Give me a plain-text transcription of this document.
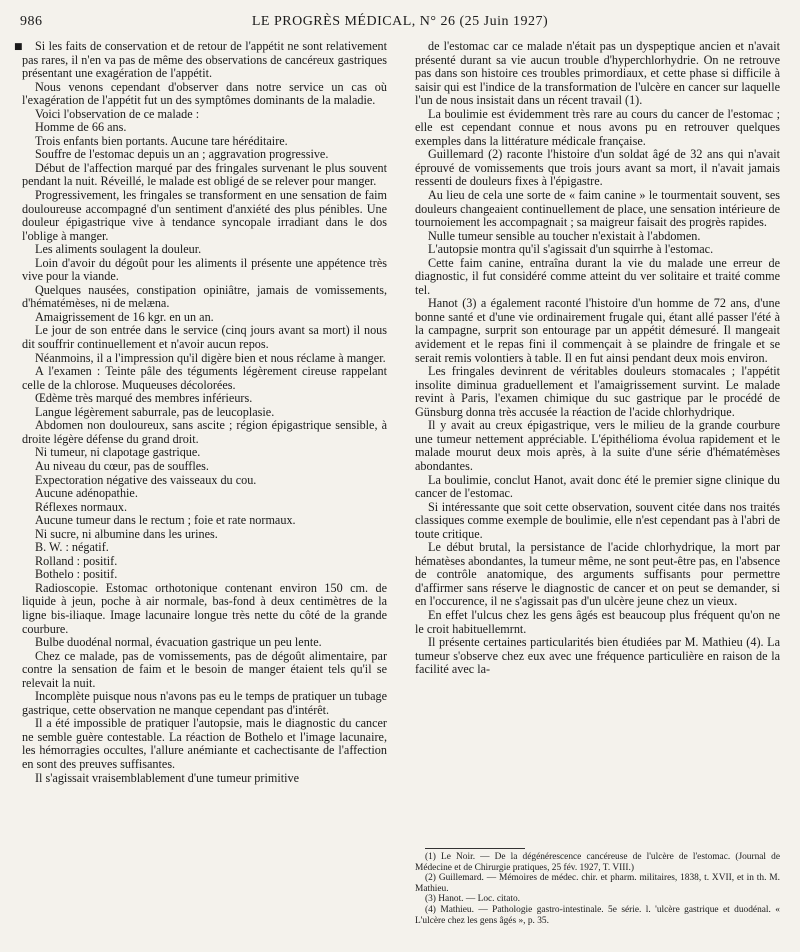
986	LE PROGRÈS MÉDICAL, N° 26 (25 Juin 1927)
■	Si les faits de conservation et de retour de l'appétit ne sont relativement pas rares, il n'en va pas de même des observations de cancéreux gastriques présentant une exagération de l'appétit.

Nous venons cependant d'observer dans notre service un cas où l'exagération de l'appétit fut un des symptômes dominants de la maladie.

Voici l'observation de ce malade :

Homme de 66 ans.

Trois enfants bien portants. Aucune tare héréditaire.

Souffre de l'estomac depuis un an ; aggravation progressive.

Début de l'affection marqué par des fringales survenant le plus souvent pendant la nuit. Réveillé, le malade est obligé de se relever pour manger.

Progressivement, les fringales se transforment en une sensation de faim douloureuse accompagné d'un sentiment d'anxiété des plus pénibles. Une douleur épigastrique vive à tendance syncopale irradiant dans le dos l'oblige à manger.

Les aliments soulagent la douleur.

Loin d'avoir du dégoût pour les aliments il présente une appétence très vive pour la viande.

Quelques nausées, constipation opiniâtre, jamais de vomissements, d'hématémèses, ni de melæna.

Amaigrissement de 16 kgr. en un an.

Le jour de son entrée dans le service (cinq jours avant sa mort) il nous dit souffrir continuellement et n'avoir aucun repos.

Néanmoins, il a l'impression qu'il digère bien et nous réclame à manger.

A l'examen : Teinte pâle des téguments légèrement cireuse rappelant celle de la chlorose. Muqueuses décolorées.

Œdème très marqué des membres inférieurs.

Langue légèrement saburrale, pas de leucoplasie.

Abdomen non douloureux, sans ascite ; région épigastrique sensible, à droite légère défense du grand droit.

Ni tumeur, ni clapotage gastrique.

Au niveau du cœur, pas de souffles.

Expectoration négative des vaisseaux du cou.

Aucune adénopathie.

Réflexes normaux.

Aucune tumeur dans le rectum ; foie et rate normaux.

Ni sucre, ni albumine dans les urines.

B. W. : négatif.

Rolland : positif.

Bothelo : positif.

Radioscopie. Estomac orthotonique contenant environ 150 cm. de liquide à jeun, poche à air normale, bas-fond à deux centimètres de la ligne bis-iliaque. Image lacunaire longue très nette du côté de la grande courbure.

Bulbe duodénal normal, évacuation gastrique un peu lente.

Chez ce malade, pas de vomissements, pas de dégoût alimentaire, par contre la sensation de faim et le besoin de manger étaient tels qu'il se relevait la nuit.

Incomplète puisque nous n'avons pas eu le temps de pratiquer un tubage gastrique, cette observation ne manque cependant pas d'intérêt.

Il a été impossible de pratiquer l'autopsie, mais le diagnostic du cancer ne semble guère contestable. La réaction de Bothelo et l'image lacunaire, les hémorragies occultes, l'allure anémiante et cachectisante de l'affection en sont des preuves suffisantes.

Il s'agissait vraisemblablement d'une tumeur primitive

de l'estomac car ce malade n'était pas un dyspeptique ancien et n'avait présenté durant sa vie aucun trouble d'hyperchlorhydrie. On ne retrouve pas dans son histoire ces troubles primordiaux, et cette phase si difficile à saisir qui est l'indice de la transformation de l'ulcère en cancer sur laquelle l'un de nous insistait dans un récent travail (1).

La boulimie est évidemment très rare au cours du cancer de l'estomac ; elle est cependant connue et nous avons pu en retrouver quelques exemples dans la littérature médicale française.

Guillemard (2) raconte l'histoire d'un soldat âgé de 32 ans qui n'avait éprouvé de vomissements que trois jours avant sa mort, il n'avait jamais ressenti de douleurs fixes à l'épigastre.

Au lieu de cela une sorte de « faim canine » le tourmentait souvent, ses douleurs changeaient continuellement de place, une sensation intérieure de tournoiement les accompagnait ; sa maigreur faisait des progrès rapides.

Nulle tumeur sensible au toucher n'existait à l'abdomen.

L'autopsie montra qu'il s'agissait d'un squirrhe à l'estomac.

Cette faim canine, entraîna durant la vie du malade une erreur de diagnostic, il fut considéré comme atteint du ver solitaire et traité comme tel.

Hanot (3) a également raconté l'histoire d'un homme de 72 ans, d'une bonne santé et d'une vie ordinairement frugale qui, étant allé passer l'été à la campagne, surprit son entourage par un appétit démesuré. Il mangeait avidement et le repas fini il commençait à se plaindre de fringale et se serait remis volontiers à table. Il en fut ainsi pendant deux mois environ.

Les fringales devinrent de véritables douleurs stomacales ; l'appétit insolite diminua graduellement et l'amaigrissement survint. Le malade revint à Paris, l'examen chimique du suc gastrique par le procédé de Günsburg donna très accusée la réaction de l'acide chlorhydrique.

Il y avait au creux épigastrique, vers le milieu de la grande courbure une tumeur nettement appréciable. L'épithélioma évolua rapidement et le malade mourut deux mois après, à la suite d'une série d'hématémèses abondantes.

La boulimie, conclut Hanot, avait donc été le premier signe clinique du cancer de l'estomac.

Si intéressante que soit cette observation, souvent citée dans nos traités classiques comme exemple de boulimie, elle n'est cependant pas à l'abri de toute critique.

Le début brutal, la persistance de l'acide chlorhydrique, la mort par hématèses abondantes, la tumeur même, ne sont peut-être pas, en l'absence de contrôle anatomique, des arguments suffisants pour permettre d'affirmer sans réserve le diagnostic de cancer et on peut se demander, si en l'occurence, il ne s'agissait pas d'un ulcère jeune chez un vieux.

En effet l'ulcus chez les gens âgés est beaucoup plus fréquent qu'on ne le croit habituellemrnt.

Il présente certaines particularités bien étudiées par M. Mathieu (4). La tumeur s'observe chez eux avec une fréquence particulière en raison de la facilité avec la-

(1) Le Noir. — De la dégénérescence cancéreuse de l'ulcère de l'estomac. (Journal de Médecine et de Chirurgie pratiques, 25 fév. 1927, T. VIII.)

(2) Guillemard. — Mémoires de médec. chir. et pharm. militaires, 1838, t. XVII, et in th. M. Mathieu.

(3) Hanot. — Loc. citato.

(4) Mathieu. — Pathologie gastro-intestinale. 5e série. l. 'ulcère gastrique et duodénal. « L'ulcère chez les gens âgés », p. 35.
